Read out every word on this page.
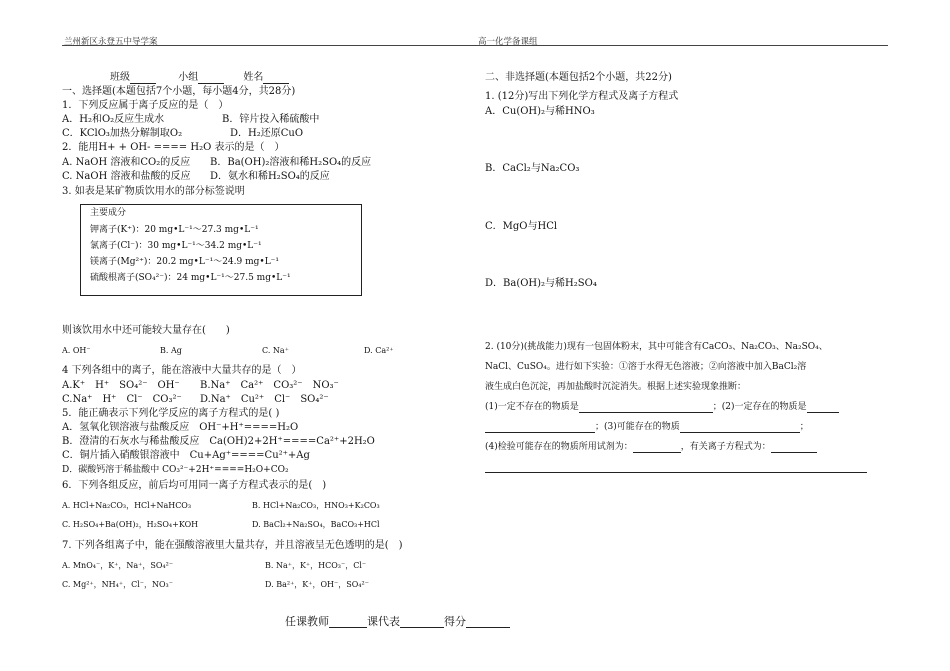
兰州新区永登五中导学案	高一化学备课组
班级	小组	姓名
一、选择题(本题包括7个小题，每小题4分，共28分)
1．下列反应属于离子反应的是（　）
A．H₂和O₂反应生成水	B．锌片投入稀硫酸中
C．KClO₃加热分解制取O₂	D．H₂还原CuO
2．能用H+ + OH- ==== H₂O 表示的是（　）
A. NaOH 溶液和CO₂的反应 B．Ba(OH)₂溶液和稀H₂SO₄的反应
C. NaOH 溶液和盐酸的反应 D．氨水和稀H₂SO₄的反应
3. 如表是某矿物质饮用水的部分标签说明
主要成分
钾离子(K⁺)：20 mg•L⁻¹～27.3 mg•L⁻¹
氯离子(Cl⁻)：30 mg•L⁻¹～34.2 mg•L⁻¹
镁离子(Mg²⁺)：20.2 mg•L⁻¹～24.9 mg•L⁻¹
硫酸根离子(SO₄²⁻)：24 mg•L⁻¹～27.5 mg•L⁻¹
则该饮用水中还可能较大量存在(　　)
A. OH⁻	B. Ag	C. Na⁺	D. Ca²⁺
4 下列各组中的离子，能在溶液中大量共存的是（　）
A.K⁺　H⁺　SO₄²⁻　OH⁻ B.Na⁺　Ca²⁺　CO₃²⁻　NO₃⁻
C.Na⁺　H⁺　Cl⁻　CO₃²⁻ D.Na⁺　Cu²⁺　Cl⁻　SO₄²⁻
5．能正确表示下列化学反应的离子方程式的是( )
A．氢氧化钡溶液与盐酸反应　OH⁻+H⁺====H₂O
B．澄清的石灰水与稀盐酸反应　Ca(OH)2+2H⁺====Ca²⁺+2H₂O
C．铜片插入硝酸银溶液中　Cu+Ag⁺====Cu²⁺+Ag
D．碳酸钙溶于稀盐酸中 CO₃²⁻+2H⁺====H₂O+CO₂
6．下列各组反应，前后均可用同一离子方程式表示的是(　)
A. HCl+Na₂CO₃，HCl+NaHCO₃	B. HCl+Na₂CO₃，HNO₃+K₂CO₃
C. H₂SO₄+Ba(OH)₂，H₂SO₄+KOH	D. BaCl₂+Na₂SO₄，BaCO₃+HCl
7. 下列各组离子中，能在强酸溶液里大量共存，并且溶液呈无色透明的是(　)
A. MnO₄⁻，K⁺，Na⁺，SO₄²⁻	B. Na⁺，K⁺，HCO₃⁻，Cl⁻
C. Mg²⁺，NH₄⁺，Cl⁻，NO₃⁻	D. Ba²⁺，K⁺，OH⁻，SO₄²⁻
二、非选择题(本题包括2个小题，共22分)
1. (12分)写出下列化学方程式及离子方程式
A．Cu(OH)₂与稀HNO₃
B．CaCl₂与Na₂CO₃
C．MgO与HCl
D．Ba(OH)₂与稀H₂SO₄
2. (10分)(挑战能力)现有一包固体粉末，其中可能含有CaCO₃、Na₂CO₃、Na₂SO₄、
NaCl、CuSO₄。进行如下实验：①溶于水得无色溶液；②向溶液中加入BaCl₂溶
液生成白色沉淀，再加盐酸时沉淀消失。根据上述实验现象推断：
(1)一定不存在的物质是	；(2)一定存在的物质是
；(3)可能存在的物质	；
(4)检验可能存在的物质所用试剂为：	，有关离子方程式为：
任课教师	课代表	得分
